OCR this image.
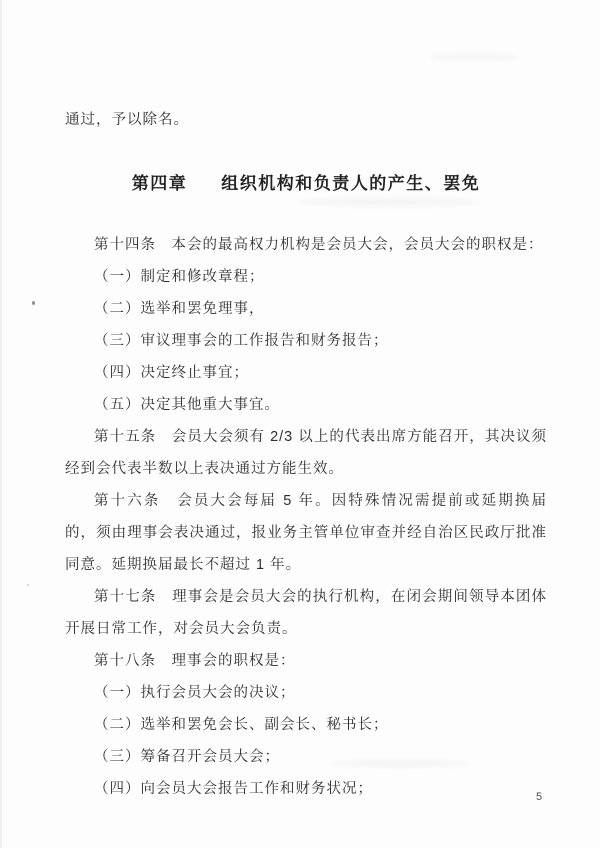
通过，予以除名。

第四章 组织机构和负责人的产生、罢免

第十四条　本会的最高权力机构是会员大会，会员大会的职权是：

（一）制定和修改章程；

（二）选举和罢免理事，

（三）审议理事会的工作报告和财务报告；

（四）决定终止事宜；

（五）决定其他重大事宜。

第十五条　会员大会须有 2/3 以上的代表出席方能召开，其决议须经到会代表半数以上表决通过方能生效。

第十六条　会员大会每届 5 年。因特殊情况需提前或延期换届的，须由理事会表决通过，报业务主管单位审查并经自治区民政厅批准同意。延期换届最长不超过 1 年。

第十七条　理事会是会员大会的执行机构，在闭会期间领导本团体开展日常工作，对会员大会负责。

第十八条　理事会的职权是：

（一）执行会员大会的决议；

（二）选举和罢免会长、副会长、秘书长；

（三）筹备召开会员大会；

（四）向会员大会报告工作和财务状况；	5
